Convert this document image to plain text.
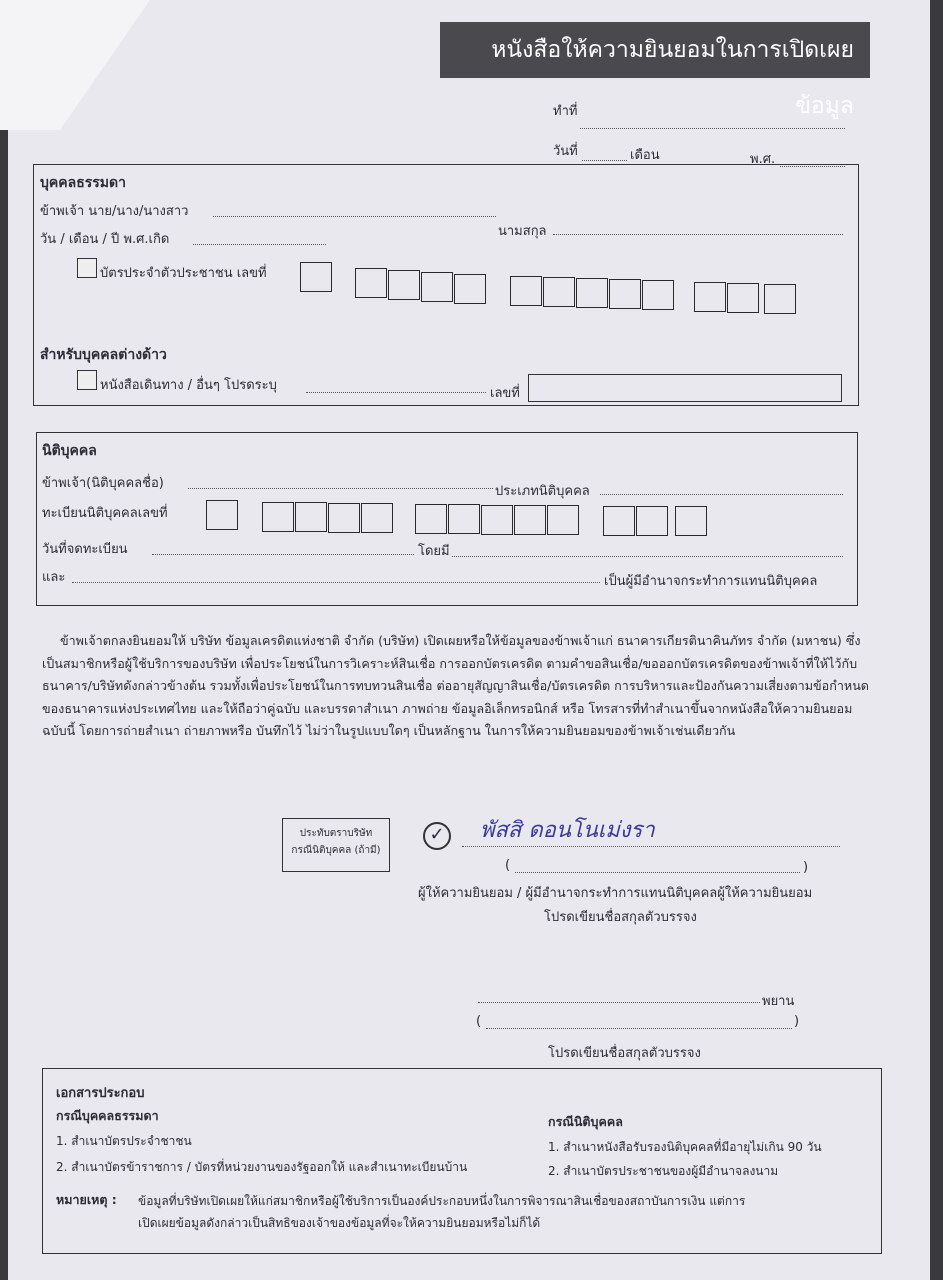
หนังสือให้ความยินยอมในการเปิดเผยข้อมูล
ทำที่
วันที่	เดือน	พ.ศ.
บุคคลธรรมดา
ข้าพเจ้า นาย/นาง/นางสาว
นามสกุล
วัน / เดือน / ปี พ.ศ.เกิด
บัตรประจำตัวประชาชน เลขที่
สำหรับบุคคลต่างด้าว
หนังสือเดินทาง / อื่นๆ โปรดระบุ
เลขที่
นิติบุคคล
ข้าพเจ้า(นิติบุคคลชื่อ)
ประเภทนิติบุคคล
ทะเบียนนิติบุคคลเลขที่
วันที่จดทะเบียน	โดยมี
และ	เป็นผู้มีอำนาจกระทำการแทนนิติบุคคล
ข้าพเจ้าตกลงยินยอมให้ บริษัท ข้อมูลเครดิตแห่งชาติ จำกัด (บริษัท) เปิดเผยหรือให้ข้อมูลของข้าพเจ้าแก่ ธนาคารเกียรตินาคินภัทร จำกัด (มหาชน) ซึ่งเป็นสมาชิกหรือผู้ใช้บริการของบริษัท เพื่อประโยชน์ในการวิเคราะห์สินเชื่อ การออกบัตรเครดิต ตามคำขอสินเชื่อ/ขอออกบัตรเครดิตของข้าพเจ้าที่ให้ไว้กับธนาคาร/บริษัทดังกล่าวข้างต้น รวมทั้งเพื่อประโยชน์ในการทบทวนสินเชื่อ ต่ออายุสัญญาสินเชื่อ/บัตรเครดิต การบริหารและป้องกันความเสี่ยงตามข้อกำหนดของธนาคารแห่งประเทศไทย และให้ถือว่าคู่ฉบับ และบรรดาสำเนา ภาพถ่าย ข้อมูลอิเล็กทรอนิกส์ หรือ โทรสารที่ทำสำเนาขึ้นจากหนังสือให้ความยินยอมฉบับนี้ โดยการถ่ายสำเนา ถ่ายภาพหรือ บันทึกไว้ ไม่ว่าในรูปแบบใดๆ เป็นหลักฐาน ในการให้ความยินยอมของข้าพเจ้าเช่นเดียวกัน
ประทับตราบริษัท
กรณีนิติบุคคล (ถ้ามี)
✓ พัสสิ ดอนโนเม่งรา
(	)
ผู้ให้ความยินยอม / ผู้มีอำนาจกระทำการแทนนิติบุคคลผู้ให้ความยินยอม
โปรดเขียนชื่อสกุลตัวบรรจง
พยาน
(	)
โปรดเขียนชื่อสกุลตัวบรรจง
เอกสารประกอบ
กรณีบุคคลธรรมดา
1. สำเนาบัตรประจำชาชน
2. สำเนาบัตรข้าราชการ / บัตรที่หน่วยงานของรัฐออกให้ และสำเนาทะเบียนบ้าน
กรณีนิติบุคคล
1. สำเนาหนังสือรับรองนิติบุคคลที่มีอายุไม่เกิน 90 วัน
2. สำเนาบัตรประชาชนของผู้มีอำนาจลงนาม
หมายเหตุ : ข้อมูลที่บริษัทเปิดเผยให้แก่สมาชิกหรือผู้ใช้บริการเป็นองค์ประกอบหนึ่งในการพิจารณาสินเชื่อของสถาบันการเงิน แต่การ
เปิดเผยข้อมูลดังกล่าวเป็นสิทธิของเจ้าของข้อมูลที่จะให้ความยินยอมหรือไม่ก็ได้
